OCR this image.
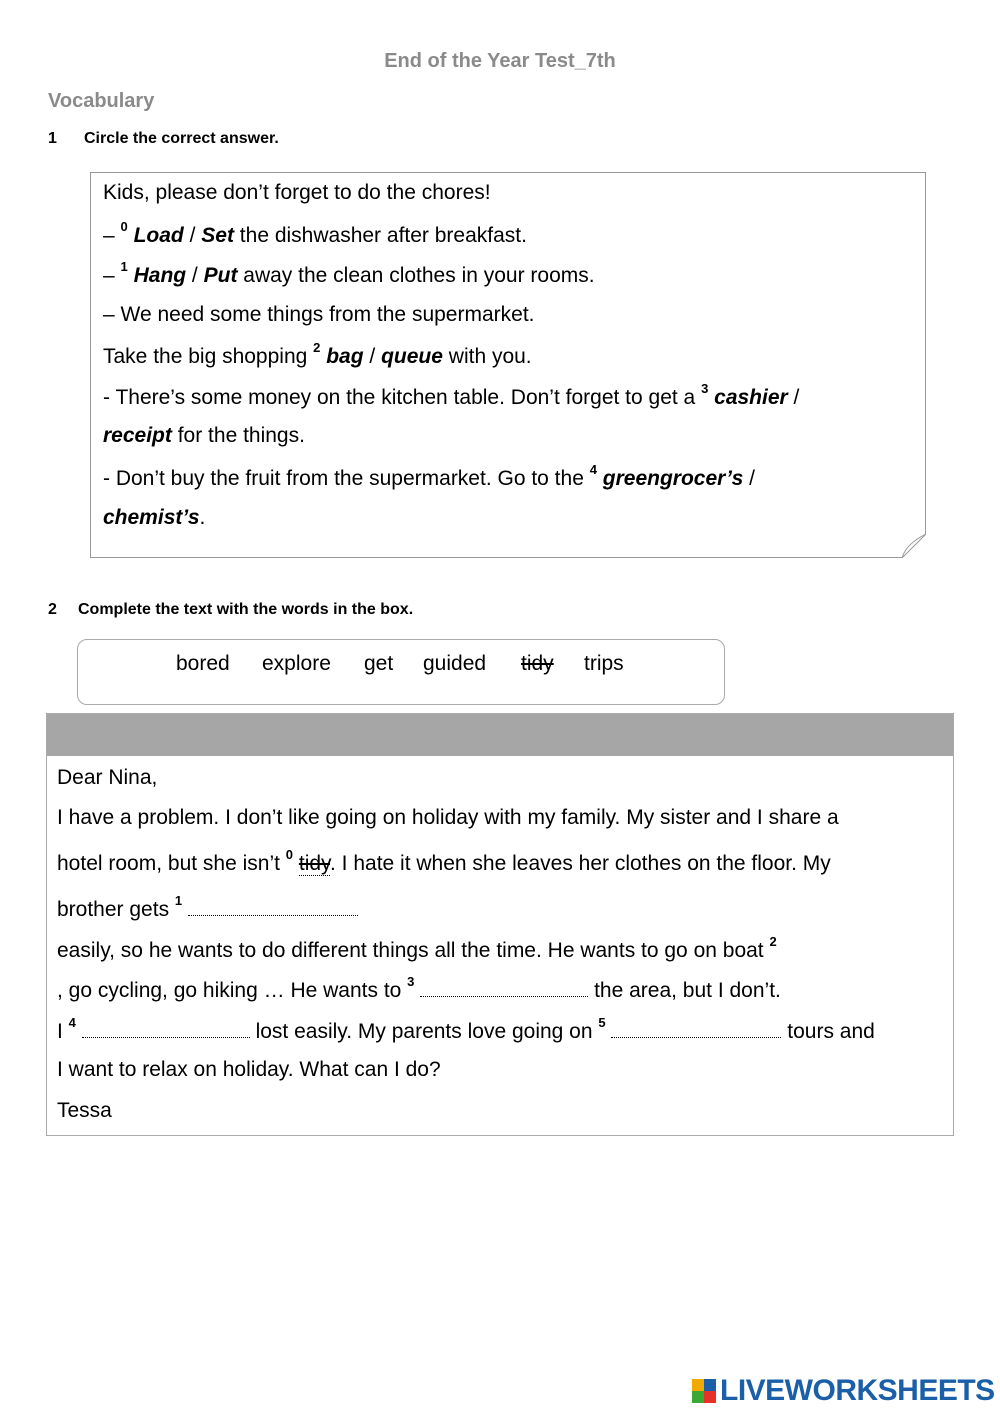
End of the Year Test_7th
Vocabulary
1 Circle the correct answer.
Kids, please don’t forget to do the chores!
– $^0$ Load / Set the dishwasher after breakfast.
– $^1$ Hang / Put away the clean clothes in your rooms.
– We need some things from the supermarket.
Take the big shopping $^2$ bag / queue with you.
- There’s some money on the kitchen table. Don’t forget to get a $^3$ cashier /
receipt for the things.
- Don’t buy the fruit from the supermarket. Go to the $^4$ greengrocer’s /
chemist’s.
2 Complete the text with the words in the box.
bored explore get guided tidy trips
Dear Nina,
I have a problem. I don’t like going on holiday with my family. My sister and I share a
hotel room, but she isn’t $^0$ tidy. I hate it when she leaves her clothes on the floor. My
brother gets $^1$
easily, so he wants to do different things all the time. He wants to go on boat $^2$
, go cycling, go hiking … He wants to $^3$	the area, but I don’t.
I $^4$	lost easily. My parents love going on $^5$	tours and
I want to relax on holiday. What can I do?
Tessa
LIVEWORKSHEETS
